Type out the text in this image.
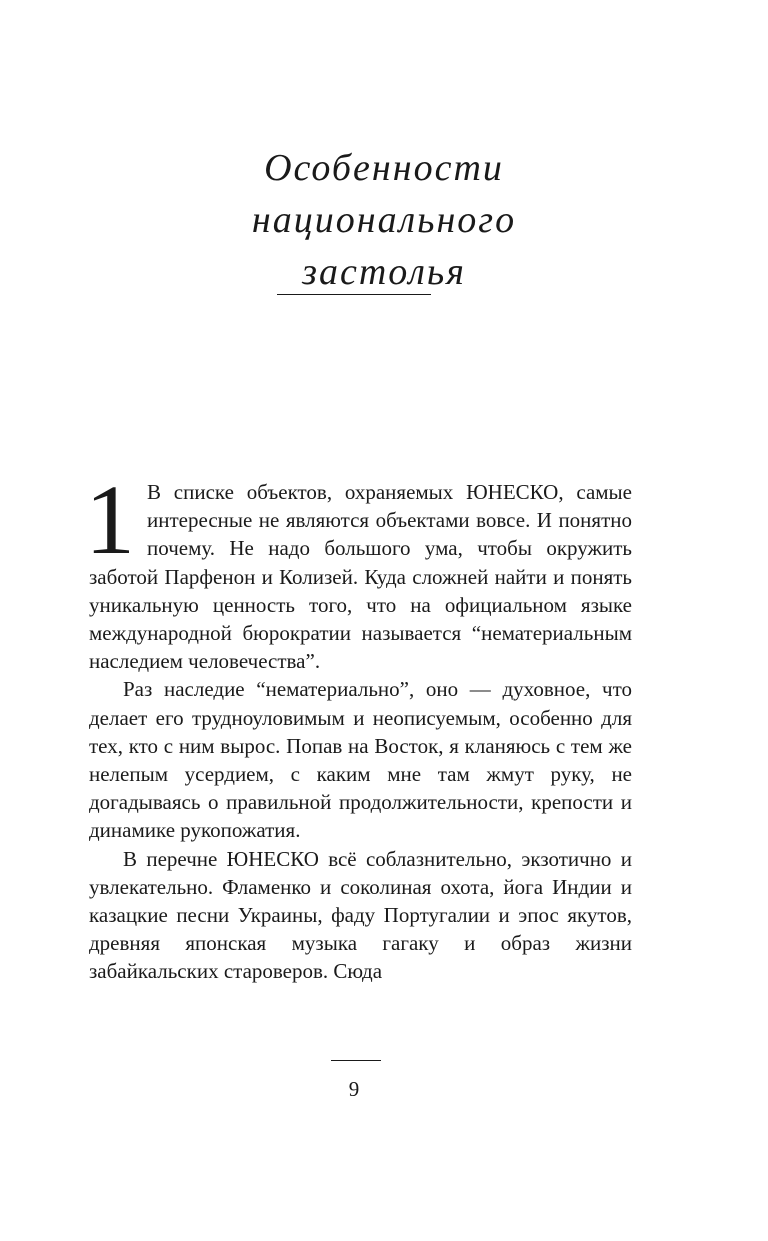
Особенности
национального
застолья

1 В списке объектов, охраняемых ЮНЕСКО, самые интересные не являются объектами вовсе. И понятно почему. Не надо большого ума, чтобы окружить заботой Парфенон и Колизей. Куда сложней найти и понять уникальную ценность того, что на официальном языке международной бюрократии называется “нематериальным наследием человечества”.

Раз наследие “нематериально”, оно — духовное, что делает его трудноуловимым и неописуемым, особенно для тех, кто с ним вырос. Попав на Восток, я кланяюсь с тем же нелепым усердием, с каким мне там жмут руку, не догадываясь о правильной продолжительности, крепости и динамике рукопожатия.

В перечне ЮНЕСКО всё соблазнительно, экзотично и увлекательно. Фламенко и соколиная охота, йога Индии и казацкие песни Украины, фаду Португалии и эпос якутов, древняя японская музыка гагаку и образ жизни забайкальских староверов. Сюда

9
